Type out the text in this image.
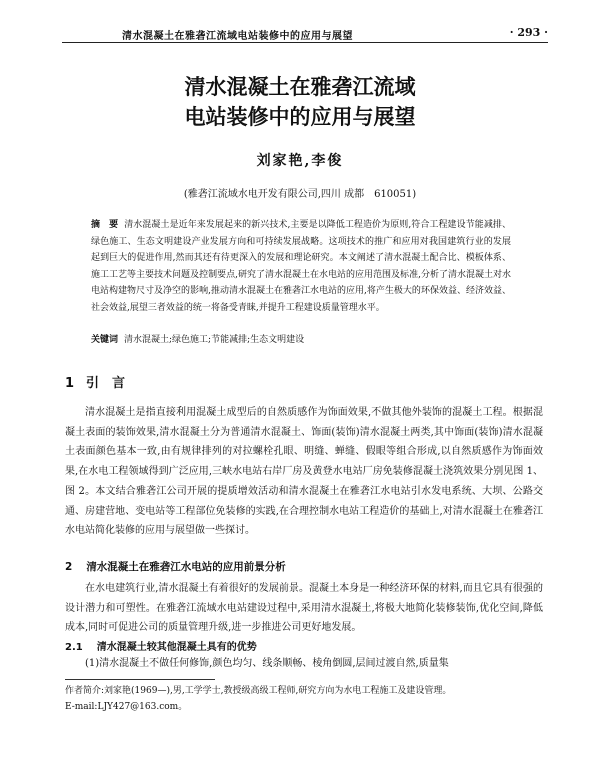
清水混凝土在雅砻江流域电站装修中的应用与展望	· 293 ·
清水混凝土在雅砻江流域
电站装修中的应用与展望
刘家艳,李俊
(雅砻江流域水电开发有限公司,四川 成都　610051)
摘　要 清水混凝土是近年来发展起来的新兴技术,主要是以降低工程造价为原则,符合工程建设节能减排、绿色施工、生态文明建设产业发展方向和可持续发展战略。这项技术的推广和应用对我国建筑行业的发展起到巨大的促进作用,然而其还有待更深入的发展和理论研究。本文阐述了清水混凝土配合比、模板体系、施工工艺等主要技术问题及控制要点,研究了清水混凝土在水电站的应用范围及标准,分析了清水混凝土对水电站构建物尺寸及净空的影响,推动清水混凝土在雅砻江水电站的应用,将产生极大的环保效益、经济效益、社会效益,展望三者效益的统一将备受青睐,并提升工程建设质量管理水平。
关键词 清水混凝土;绿色施工;节能减排;生态文明建设
1 引　言
清水混凝土是指直接利用混凝土成型后的自然质感作为饰面效果,不做其他外装饰的混凝土工程。根据混凝土表面的装饰效果,清水混凝土分为普通清水混凝土、饰面(装饰)清水混凝土两类,其中饰面(装饰)清水混凝土表面颜色基本一致,由有规律排列的对拉螺栓孔眼、明缝、蝉缝、假眼等组合形成,以自然质感作为饰面效果,在水电工程领域得到广泛应用,三峡水电站右岸厂房及黄登水电站厂房免装修混凝土浇筑效果分别见图 1、图 2。本文结合雅砻江公司开展的提质增效活动和清水混凝土在雅砻江水电站引水发电系统、大坝、公路交通、房建营地、变电站等工程部位免装修的实践,在合理控制水电站工程造价的基础上,对清水混凝土在雅砻江水电站简化装修的应用与展望做一些探讨。
2 清水混凝土在雅砻江水电站的应用前景分析
在水电建筑行业,清水混凝土有着很好的发展前景。混凝土本身是一种经济环保的材料,而且它具有很强的设计潜力和可塑性。在雅砻江流域水电站建设过程中,采用清水混凝土,将极大地简化装修装饰,优化空间,降低成本,同时可促进公司的质量管理升级,进一步推进公司更好地发展。
2.1 清水混凝土较其他混凝土具有的优势
(1)清水混凝土不做任何修饰,颜色均匀、线条顺畅、棱角倒圆,层间过渡自然,质量集
作者简介:刘家艳(1969—),男,工学学士,教授级高级工程师,研究方向为水电工程施工及建设管理。
E-mail:LJY427@163.com。
